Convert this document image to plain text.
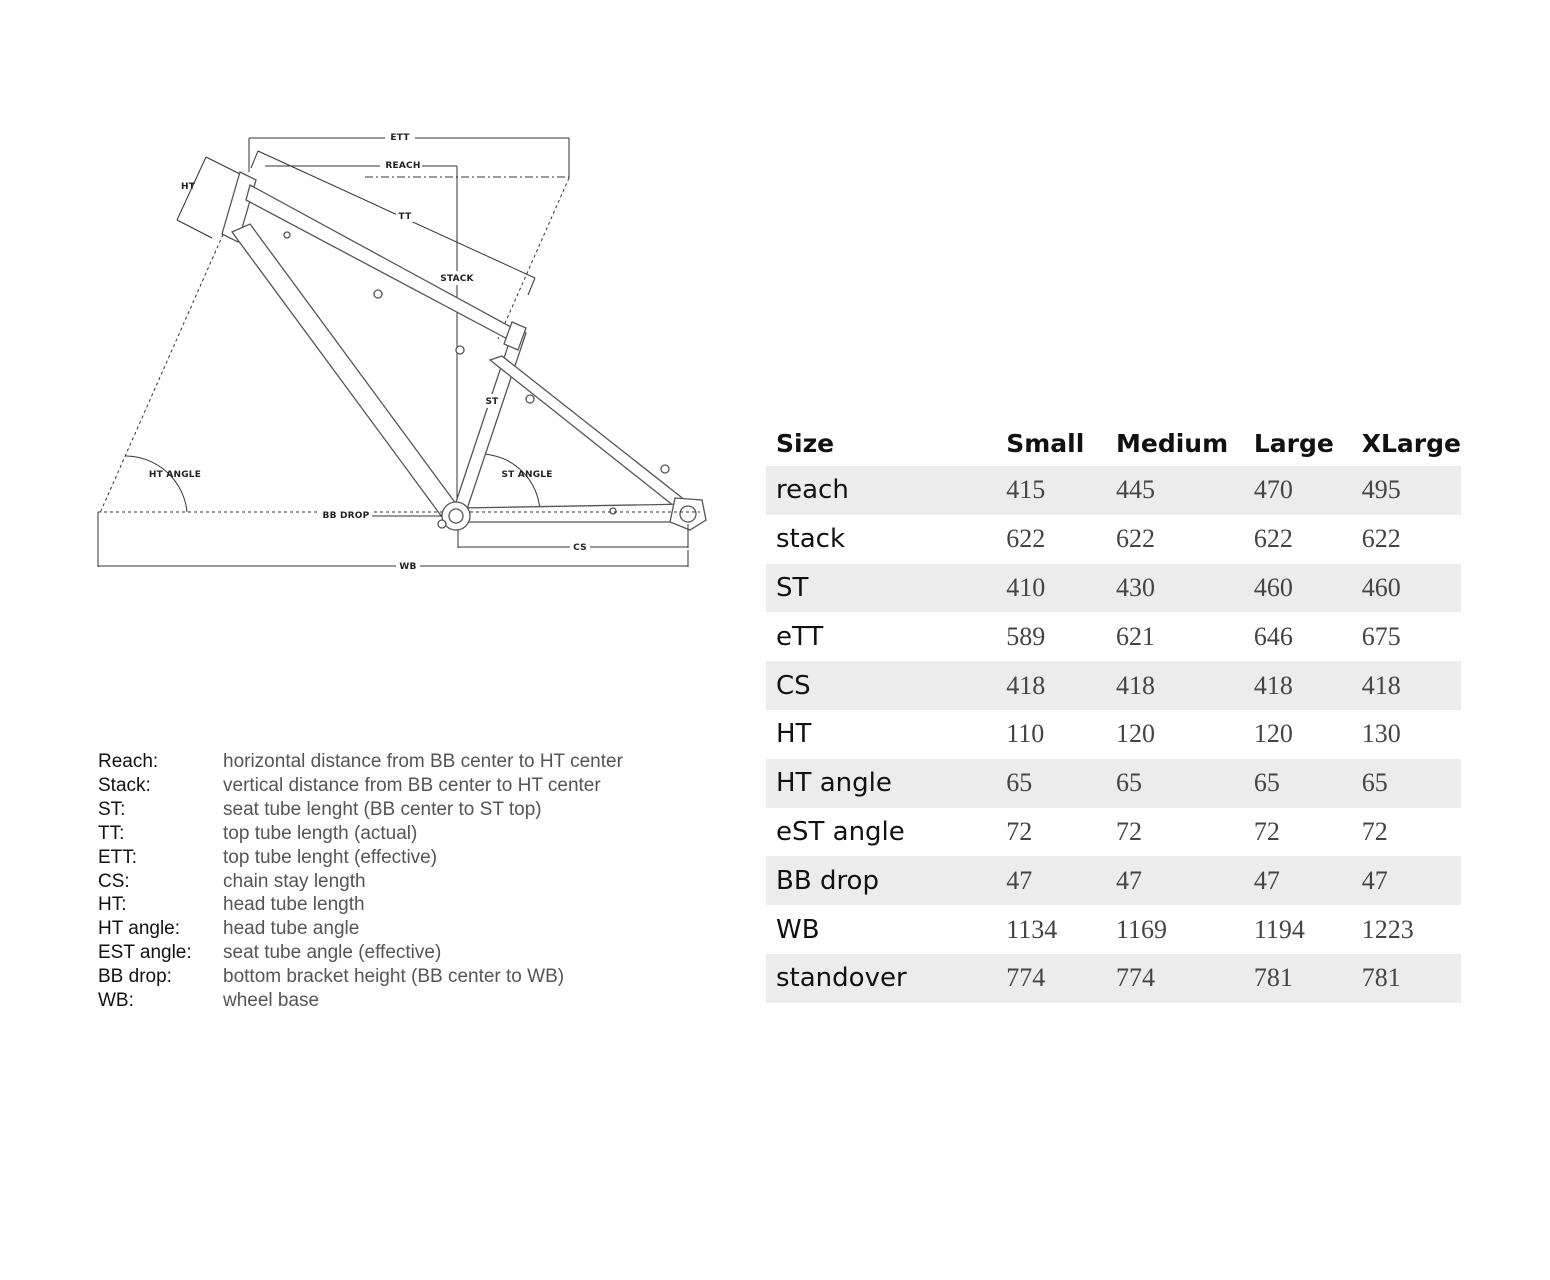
ETT
REACH
STACK
HT
TT
HT ANGLE	ST ANGLE
ST
BB DROP
CS
WB
Reach:	horizontal distance from BB center to HT center
Stack:	vertical distance from BB center to HT center
ST:	seat tube lenght (BB center to ST top)
TT:	top tube length (actual)
ETT:	top tube lenght (effective)
CS:	chain stay length
HT:	head tube length
HT angle:	head tube angle
EST angle:	seat tube angle (effective)
BB drop:	bottom bracket height (BB center to WB)
WB:	wheel base
Size	Small	Medium	Large	XLarge
reach	415	445	470	495
stack	622	622	622	622
ST	410	430	460	460
eTT	589	621	646	675
CS	418	418	418	418
HT	110	120	120	130
HT angle	65	65	65	65
eST angle	72	72	72	72
BB drop	47	47	47	47
WB	1134	1169	1194	1223
standover	774	774	781	781
